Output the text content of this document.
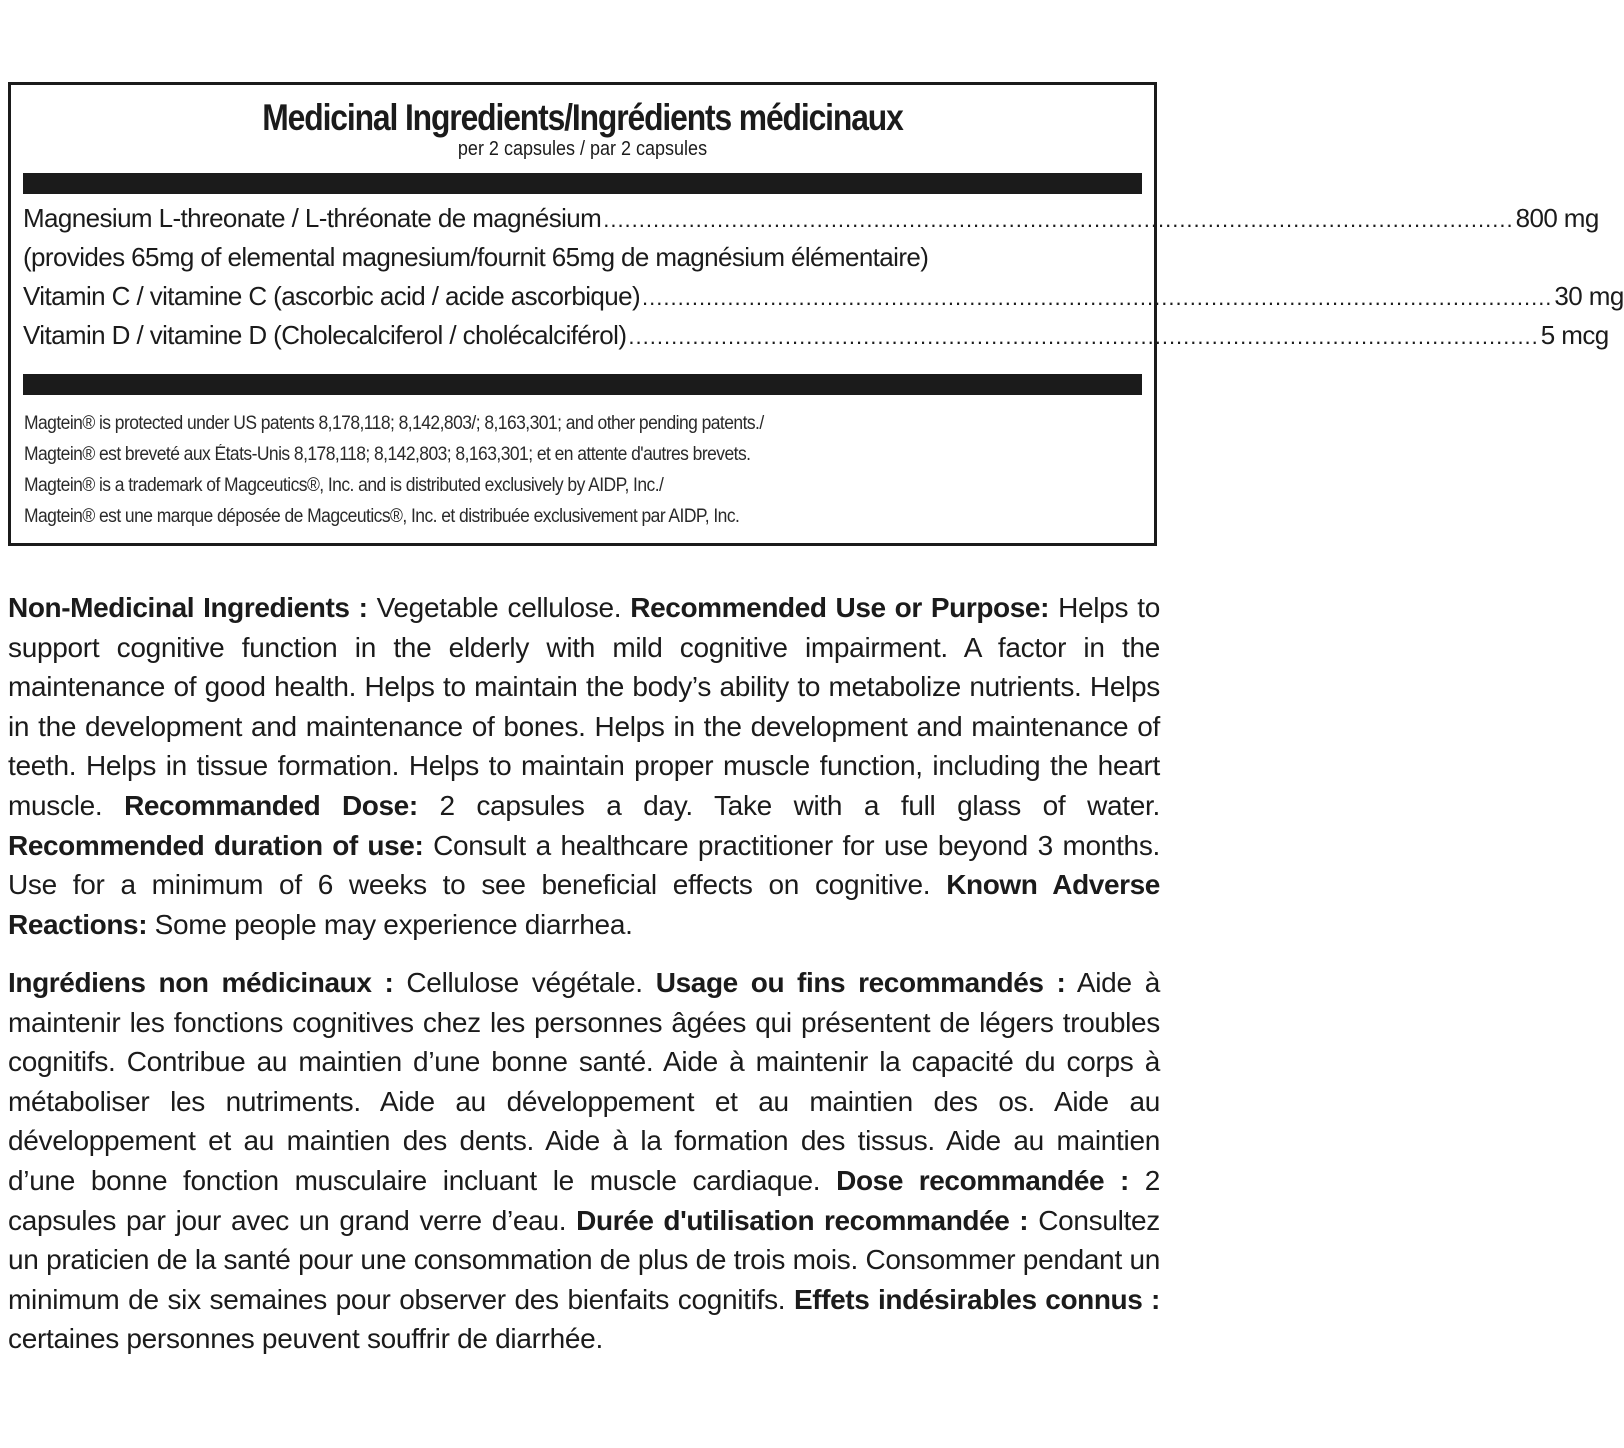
Medicinal Ingredients/Ingrédients médicinaux
per 2 capsules / par 2 capsules
Magnesium L-threonate / L-thréonate de magnésium ................................................................................................................................ 800 mg
(provides 65mg of elemental magnesium/fournit 65mg de magnésium élémentaire)
Vitamin C / vitamine C (ascorbic acid / acide ascorbique) ................................................................................................................................ 30 mg
Vitamin D / vitamine D (Cholecalciferol / cholécalciférol) ................................................................................................................................ 5 mcg
Magtein® is protected under US patents 8,178,118; 8,142,803/; 8,163,301; and other pending patents./
Magtein® est breveté aux États-Unis 8,178,118; 8,142,803; 8,163,301; et en attente d'autres brevets.
Magtein® is a trademark of Magceutics®, Inc. and is distributed exclusively by AIDP, Inc./
Magtein® est une marque déposée de Magceutics®, Inc. et distribuée exclusivement par AIDP, Inc.
Non-Medicinal Ingredients : Vegetable cellulose. Recommended Use or Purpose: Helps to support cognitive function in the elderly with mild cognitive impairment. A factor in the maintenance of good health. Helps to maintain the body’s ability to metabolize nutrients. Helps in the development and maintenance of bones. Helps in the development and maintenance of teeth. Helps in tissue formation. Helps to maintain proper muscle function, including the heart muscle. Recommanded Dose: 2 capsules a day. Take with a full glass of water. Recommended duration of use: Consult a healthcare practitioner for use beyond 3 months. Use for a minimum of 6 weeks to see beneficial effects on cognitive. Known Adverse Reactions: Some people may experience diarrhea.
Ingrédiens non médicinaux : Cellulose végétale. Usage ou fins recommandés : Aide à maintenir les fonctions cognitives chez les personnes âgées qui présentent de légers troubles cognitifs. Contribue au maintien d’une bonne santé. Aide à maintenir la capacité du corps à métaboliser les nutriments. Aide au développement et au maintien des os. Aide au développement et au maintien des dents. Aide à la formation des tissus. Aide au maintien d’une bonne fonction musculaire incluant le muscle cardiaque. Dose recommandée : 2 capsules par jour avec un grand verre d’eau. Durée d'utilisation recommandée : Consultez un praticien de la santé pour une consommation de plus de trois mois. Consommer pendant un minimum de six semaines pour observer des bienfaits cognitifs. Effets indésirables connus : certaines personnes peuvent souffrir de diarrhée.
